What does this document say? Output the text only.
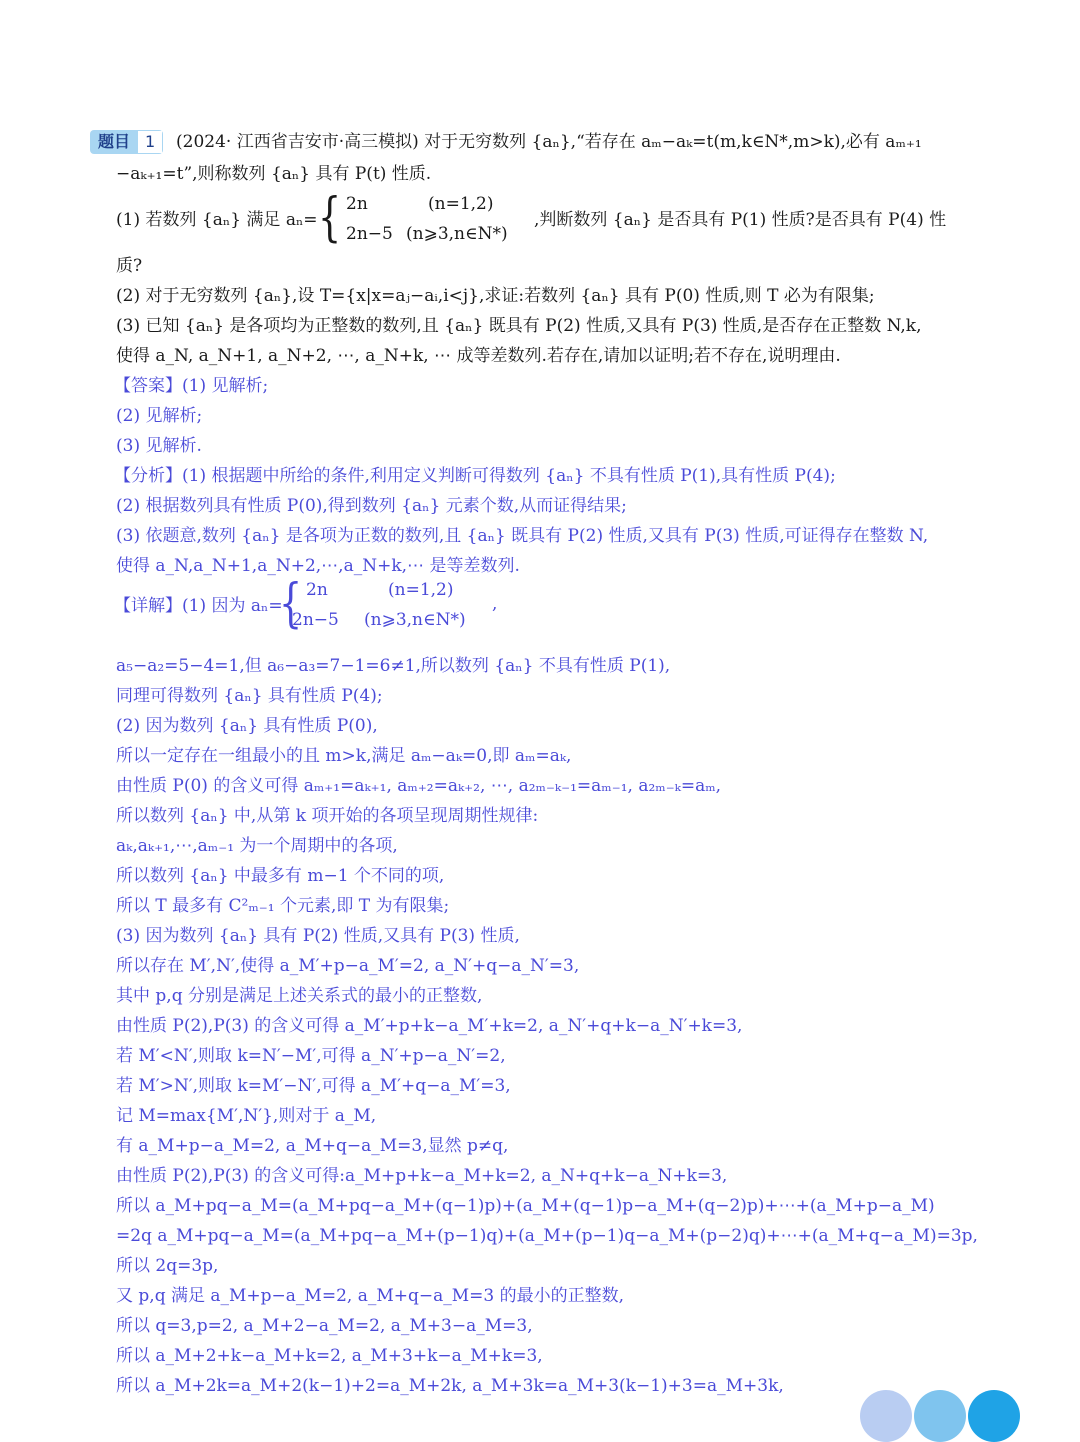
(2024· 江西省吉安市·高三模拟) 对于无穷数列 {aₙ},“若存在 aₘ−aₖ=t(m,k∈N*,m>k),必有 aₘ₊₁
题目 1
−aₖ₊₁=t”,则称数列 {aₙ} 具有 P(t) 性质.
(1) 若数列 {aₙ} 满足 aₙ= { 2n	(n=1,2)
2n−5 (n⩾3,n∈N*)
,判断数列 {aₙ} 是否具有 P(1) 性质?是否具有 P(4) 性
质?
(2) 对于无穷数列 {aₙ},设 T={x|x=aⱼ−aᵢ,i<j},求证:若数列 {aₙ} 具有 P(0) 性质,则 T 必为有限集;
(3) 已知 {aₙ} 是各项均为正整数的数列,且 {aₙ} 既具有 P(2) 性质,又具有 P(3) 性质,是否存在正整数 N,k,
使得 a_N, a_N+1, a_N+2, ⋯, a_N+k, ⋯ 成等差数列.若存在,请加以证明;若不存在,说明理由.
【答案】(1) 见解析;
(2) 见解析;
(3) 见解析.
【分析】(1) 根据题中所给的条件,利用定义判断可得数列 {aₙ} 不具有性质 P(1),具有性质 P(4);
(2) 根据数列具有性质 P(0),得到数列 {aₙ} 元素个数,从而证得结果;
(3) 依题意,数列 {aₙ} 是各项为正数的数列,且 {aₙ} 既具有 P(2) 性质,又具有 P(3) 性质,可证得存在整数 N,
使得 a_N,a_N+1,a_N+2,⋯,a_N+k,⋯ 是等差数列.
【详解】(1) 因为 aₙ=
{ 2n	(n=1,2)
2n−5 (n⩾3,n∈N*)
,
a₅−a₂=5−4=1,但 a₆−a₃=7−1=6≠1,所以数列 {aₙ} 不具有性质 P(1),
同理可得数列 {aₙ} 具有性质 P(4);
(2) 因为数列 {aₙ} 具有性质 P(0),
所以一定存在一组最小的且 m>k,满足 aₘ−aₖ=0,即 aₘ=aₖ,
由性质 P(0) 的含义可得 aₘ₊₁=aₖ₊₁, aₘ₊₂=aₖ₊₂, ⋯, a₂ₘ₋ₖ₋₁=aₘ₋₁, a₂ₘ₋ₖ=aₘ,
所以数列 {aₙ} 中,从第 k 项开始的各项呈现周期性规律:
aₖ,aₖ₊₁,⋯,aₘ₋₁ 为一个周期中的各项,
所以数列 {aₙ} 中最多有 m−1 个不同的项,
所以 T 最多有 C²ₘ₋₁ 个元素,即 T 为有限集;
(3) 因为数列 {aₙ} 具有 P(2) 性质,又具有 P(3) 性质,
所以存在 M′,N′,使得 a_M′+p−a_M′=2, a_N′+q−a_N′=3,
其中 p,q 分别是满足上述关系式的最小的正整数,
由性质 P(2),P(3) 的含义可得 a_M′+p+k−a_M′+k=2, a_N′+q+k−a_N′+k=3,
若 M′<N′,则取 k=N′−M′,可得 a_N′+p−a_N′=2,
若 M′>N′,则取 k=M′−N′,可得 a_M′+q−a_M′=3,
记 M=max{M′,N′},则对于 a_M,
有 a_M+p−a_M=2, a_M+q−a_M=3,显然 p≠q,
由性质 P(2),P(3) 的含义可得:a_M+p+k−a_M+k=2, a_N+q+k−a_N+k=3,
所以 a_M+pq−a_M=(a_M+pq−a_M+(q−1)p)+(a_M+(q−1)p−a_M+(q−2)p)+⋯+(a_M+p−a_M)
=2q a_M+pq−a_M=(a_M+pq−a_M+(p−1)q)+(a_M+(p−1)q−a_M+(p−2)q)+⋯+(a_M+q−a_M)=3p,
所以 2q=3p,
又 p,q 满足 a_M+p−a_M=2, a_M+q−a_M=3 的最小的正整数,
所以 q=3,p=2, a_M+2−a_M=2, a_M+3−a_M=3,
所以 a_M+2+k−a_M+k=2, a_M+3+k−a_M+k=3,
所以 a_M+2k=a_M+2(k−1)+2=a_M+2k, a_M+3k=a_M+3(k−1)+3=a_M+3k,
